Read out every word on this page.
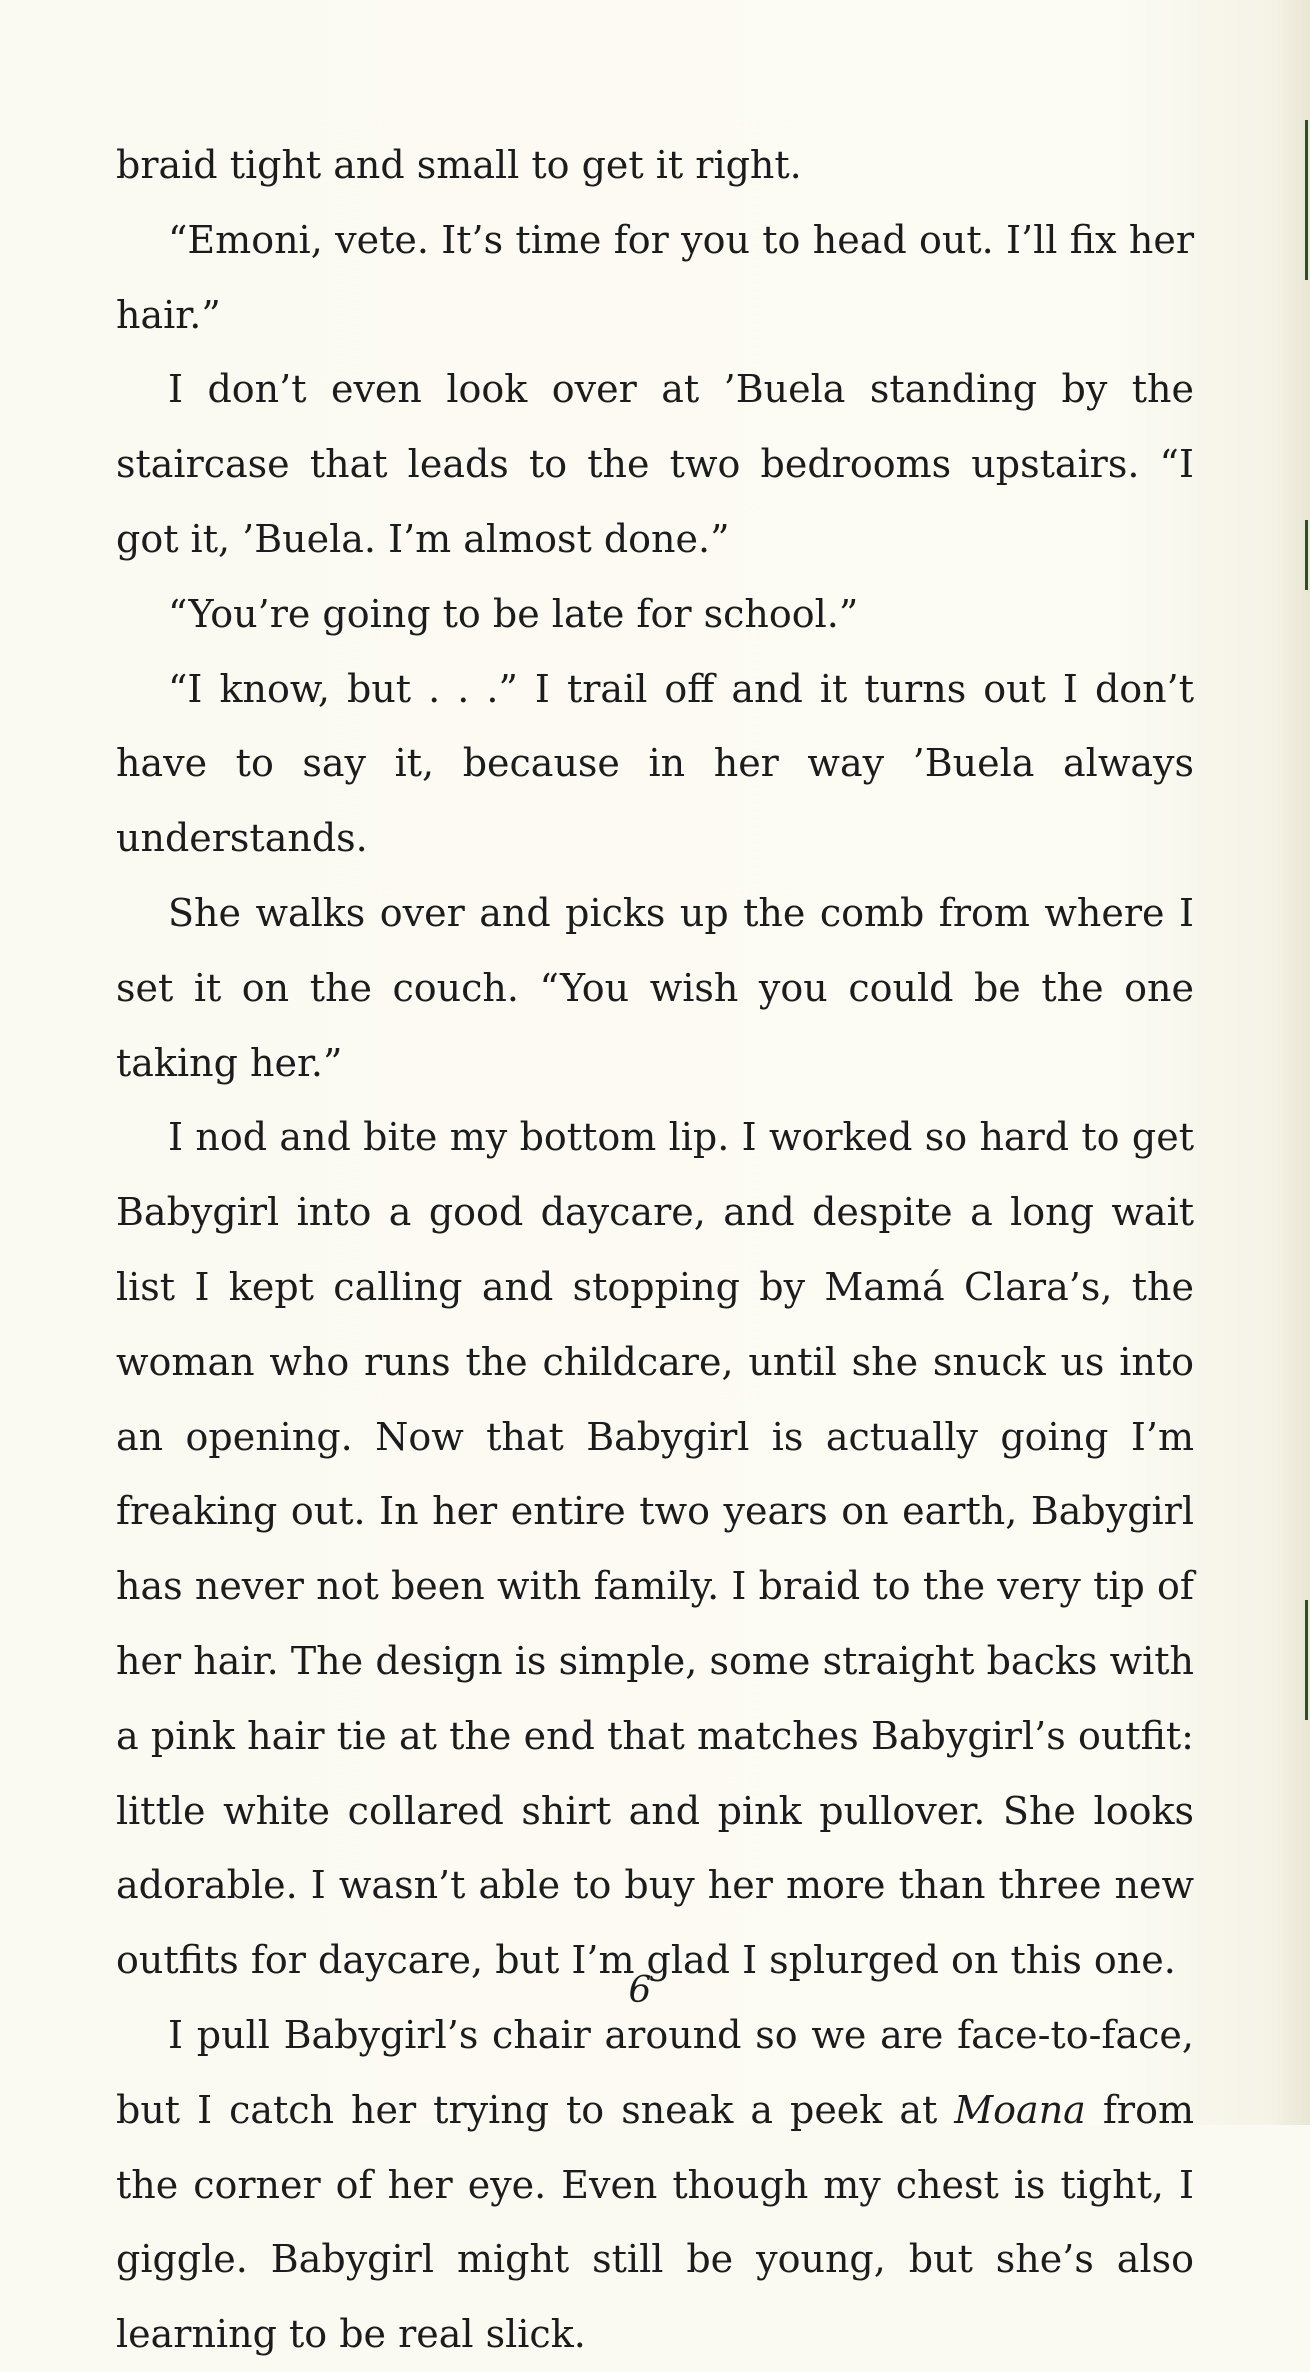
braid tight and small to get it right.

“Emoni, vete. It’s time for you to head out. I’ll fix her hair.”

I don’t even look over at ’Buela standing by the staircase that leads to the two bedrooms upstairs. “I got it, ’Buela. I’m almost done.”

“You’re going to be late for school.”

“I know, but . . .” I trail off and it turns out I don’t have to say it, because in her way ’Buela always understands.

She walks over and picks up the comb from where I set it on the couch. “You wish you could be the one taking her.”

I nod and bite my bottom lip. I worked so hard to get Babygirl into a good daycare, and despite a long wait list I kept calling and stopping by Mamá Clara’s, the woman who runs the childcare, until she snuck us into an opening. Now that Babygirl is actually going I’m freaking out. In her entire two years on earth, Babygirl has never not been with family. I braid to the very tip of her hair. The design is simple, some straight backs with a pink hair tie at the end that matches Babygirl’s outfit: little white collared shirt and pink pullover. She looks adorable. I wasn’t able to buy her more than three new outfits for daycare, but I’m glad I splurged on this one.

I pull Babygirl’s chair around so we are face-to-face, but I catch her trying to sneak a peek at Moana from the corner of her eye. Even though my chest is tight, I giggle. Babygirl might still be young, but she’s also learning to be real slick.

6
